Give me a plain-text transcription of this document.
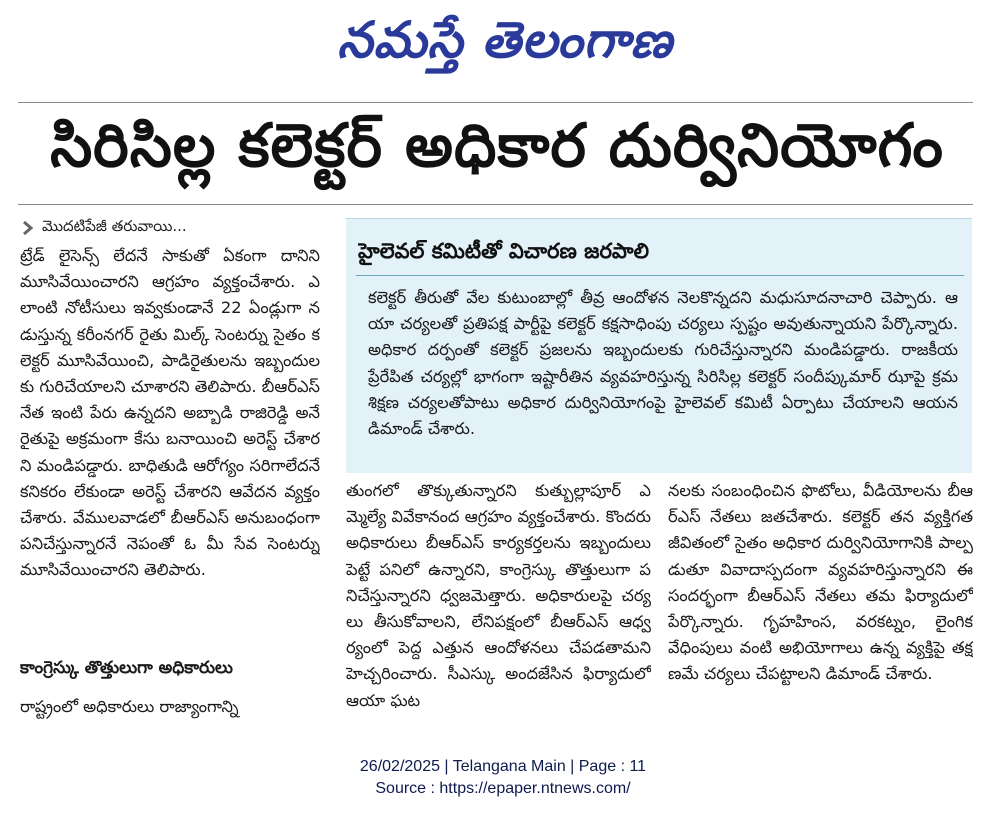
నమస్తే తెలంగాణ
సిరిసిల్ల కలెక్టర్ అధికార దుర్వినియోగం
మొదటిపేజీ తరువాయి...
ట్రేడ్ లైసెన్స్ లేదనే సాకుతో ఏకంగా దానిని మూసివేయించారని ఆగ్రహం వ్యక్తంచేశారు. ఎలాంటి నోటీసులు ఇవ్వకుండానే 22 ఏండ్లుగా నడుస్తున్న కరీంనగర్ రైతు మిల్క్ సెంటర్ను సైతం కలెక్టర్ మూసివేయించి, పాడిరైతులను ఇబ్బందులకు గురిచేయాలని చూశారని తెలిపారు. బీఆర్ఎస్ నేత ఇంటి పేరు ఉన్నదని అబ్బాడి రాజిరెడ్డి అనే రైతుపై అక్రమంగా కేసు బనాయించి అరెస్ట్ చేశారని మండిపడ్డారు. బాధితుడి ఆరోగ్యం సరిగాలేదనే కనికరం లేకుండా అరెస్ట్ చేశారని ఆవేదన వ్యక్తం చేశారు. వేములవాడలో బీఆర్ఎస్ అనుబంధంగా పనిచేస్తున్నారనే నెపంతో ఓ మీ సేవ సెంటర్ను మూసివేయించారని తెలిపారు.
కాంగ్రెస్కు తొత్తులుగా అధికారులు
రాష్ట్రంలో అధికారులు రాజ్యాంగాన్ని
హైలెవల్ కమిటీతో విచారణ జరపాలి
కలెక్టర్ తీరుతో వేల కుటుంబాల్లో తీవ్ర ఆందోళన నెలకొన్నదని మధుసూదనాచారి చెప్పారు. ఆయా చర్యలతో ప్రతిపక్ష పార్టీపై కలెక్టర్ కక్షసాధింపు చర్యలు స్పష్టం అవుతున్నాయని పేర్కొన్నారు. అధికార దర్పంతో కలెక్టర్ ప్రజలను ఇబ్బందులకు గురిచేస్తున్నారని మండిపడ్డారు. రాజకీయ ప్రేరేపిత చర్యల్లో భాగంగా ఇష్టారీతిన వ్యవహరిస్తున్న సిరిసిల్ల కలెక్టర్ సందీప్కుమార్ ఝాపై క్రమశిక్షణ చర్యలతోపాటు అధికార దుర్వినియోగంపై హైలెవల్ కమిటీ ఏర్పాటు చేయాలని ఆయన డిమాండ్ చేశారు.
తుంగలో తొక్కుతున్నారని కుత్బుల్లాపూర్ ఎమ్మెల్యే వివేకానంద ఆగ్రహం వ్యక్తంచేశారు. కొందరు అధికారులు బీఆర్ఎస్ కార్యకర్తలను ఇబ్బందులు పెట్టే పనిలో ఉన్నారని, కాంగ్రెస్కు తొత్తులుగా పనిచేస్తున్నారని ధ్వజమెత్తారు. అధికారులపై చర్యలు తీసుకోవాలని, లేనిపక్షంలో బీఆర్ఎస్ ఆధ్వర్యంలో పెద్ద ఎత్తున ఆందోళనలు చేపడతామని హెచ్చరించారు. సీఎస్కు అందజేసిన ఫిర్యాదులో ఆయా ఘట
నలకు సంబంధించిన ఫొటోలు, వీడియోలను బీఆర్ఎస్ నేతలు జతచేశారు. కలెక్టర్ తన వ్యక్తిగత జీవితంలో సైతం అధికార దుర్వినియోగానికి పాల్పడుతూ వివాదాస్పదంగా వ్యవహరిస్తున్నారని ఈ సందర్భంగా బీఆర్ఎస్ నేతలు తమ ఫిర్యాదులో పేర్కొన్నారు. గృహహింస, వరకట్నం, లైంగిక వేధింపులు వంటి అభియోగాలు ఉన్న వ్యక్తిపై తక్షణమే చర్యలు చేపట్టాలని డిమాండ్ చేశారు.
26/02/2025 | Telangana Main | Page : 11
Source : https://epaper.ntnews.com/
